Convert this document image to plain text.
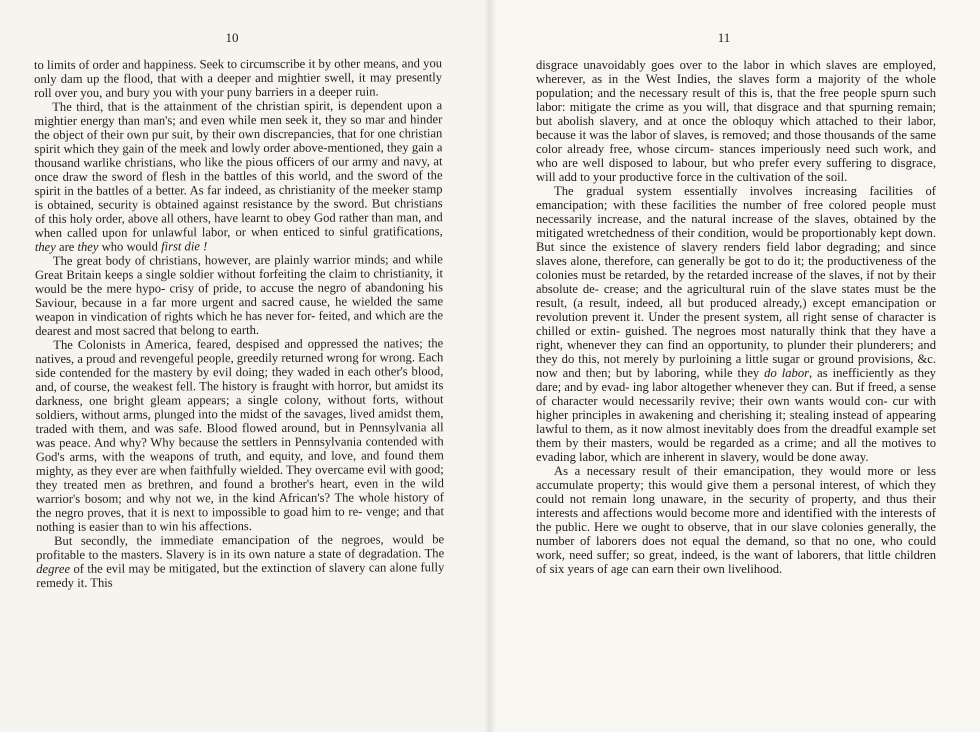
10

to limits of order and happiness. Seek to circumscribe it by other means, and you only dam up the flood, that with a deeper and mightier swell, it may presently roll over you, and bury you with your puny barriers in a deeper ruin.

The third, that is the attainment of the christian spirit, is dependent upon a mightier energy than man's; and even while men seek it, they so mar and hinder the object of their own pur suit, by their own discrepancies, that for one christian spirit which they gain of the meek and lowly order above-mentioned, they gain a thousand warlike christians, who like the pious officers of our army and navy, at once draw the sword of flesh in the battles of this world, and the sword of the spirit in the battles of a better. As far indeed, as christianity of the meeker stamp is obtained, security is obtained against resistance by the sword. But christians of this holy order, above all others, have learnt to obey God rather than man, and when called upon for unlawful labor, or when enticed to sinful gratifications, they are they who would first die !

The great body of christians, however, are plainly warrior minds; and while Great Britain keeps a single soldier without forfeiting the claim to christianity, it would be the mere hypo- crisy of pride, to accuse the negro of abandoning his Saviour, because in a far more urgent and sacred cause, he wielded the same weapon in vindication of rights which he has never for- feited, and which are the dearest and most sacred that belong to earth.

The Colonists in America, feared, despised and oppressed the natives; the natives, a proud and revengeful people, greedily returned wrong for wrong. Each side contended for the mastery by evil doing; they waded in each other's blood, and, of course, the weakest fell. The history is fraught with horror, but amidst its darkness, one bright gleam appears; a single colony, without forts, without soldiers, without arms, plunged into the midst of the savages, lived amidst them, traded with them, and was safe. Blood flowed around, but in Pennsylvania all was peace. And why? Why because the settlers in Pennsylvania contended with God's arms, with the weapons of truth, and equity, and love, and found them mighty, as they ever are when faithfully wielded. They overcame evil with good; they treated men as brethren, and found a brother's heart, even in the wild warrior's bosom; and why not we, in the kind African's? The whole history of the negro proves, that it is next to impossible to goad him to re- venge; and that nothing is easier than to win his affections.

But secondly, the immediate emancipation of the negroes, would be profitable to the masters. Slavery is in its own nature a state of degradation. The degree of the evil may be mitigated, but the extinction of slavery can alone fully remedy it. This

11

disgrace unavoidably goes over to the labor in which slaves are employed, wherever, as in the West Indies, the slaves form a majority of the whole population; and the necessary result of this is, that the free people spurn such labor: mitigate the crime as you will, that disgrace and that spurning remain; but abolish slavery, and at once the obloquy which attached to their labor, because it was the labor of slaves, is removed; and those thousands of the same color already free, whose circum- stances imperiously need such work, and who are well disposed to labour, but who prefer every suffering to disgrace, will add to your productive force in the cultivation of the soil.

The gradual system essentially involves increasing facilities of emancipation; with these facilities the number of free colored people must necessarily increase, and the natural increase of the slaves, obtained by the mitigated wretchedness of their condition, would be proportionably kept down. But since the existence of slavery renders field labor degrading; and since slaves alone, therefore, can generally be got to do it; the productiveness of the colonies must be retarded, by the retarded increase of the slaves, if not by their absolute de- crease; and the agricultural ruin of the slave states must be the result, (a result, indeed, all but produced already,) except emancipation or revolution prevent it. Under the present system, all right sense of character is chilled or extin- guished. The negroes most naturally think that they have a right, whenever they can find an opportunity, to plunder their plunderers; and they do this, not merely by purloining a little sugar or ground provisions, &c. now and then; but by laboring, while they do labor, as inefficiently as they dare; and by evad- ing labor altogether whenever they can. But if freed, a sense of character would necessarily revive; their own wants would con- cur with higher principles in awakening and cherishing it; stealing instead of appearing lawful to them, as it now almost inevitably does from the dreadful example set them by their masters, would be regarded as a crime; and all the motives to evading labor, which are inherent in slavery, would be done away.

As a necessary result of their emancipation, they would more or less accumulate property; this would give them a personal interest, of which they could not remain long unaware, in the security of property, and thus their interests and affections would become more and identified with the interests of the public. Here we ought to observe, that in our slave colonies generally, the number of laborers does not equal the demand, so that no one, who could work, need suffer; so great, indeed, is the want of laborers, that little children of six years of age can earn their own livelihood.
